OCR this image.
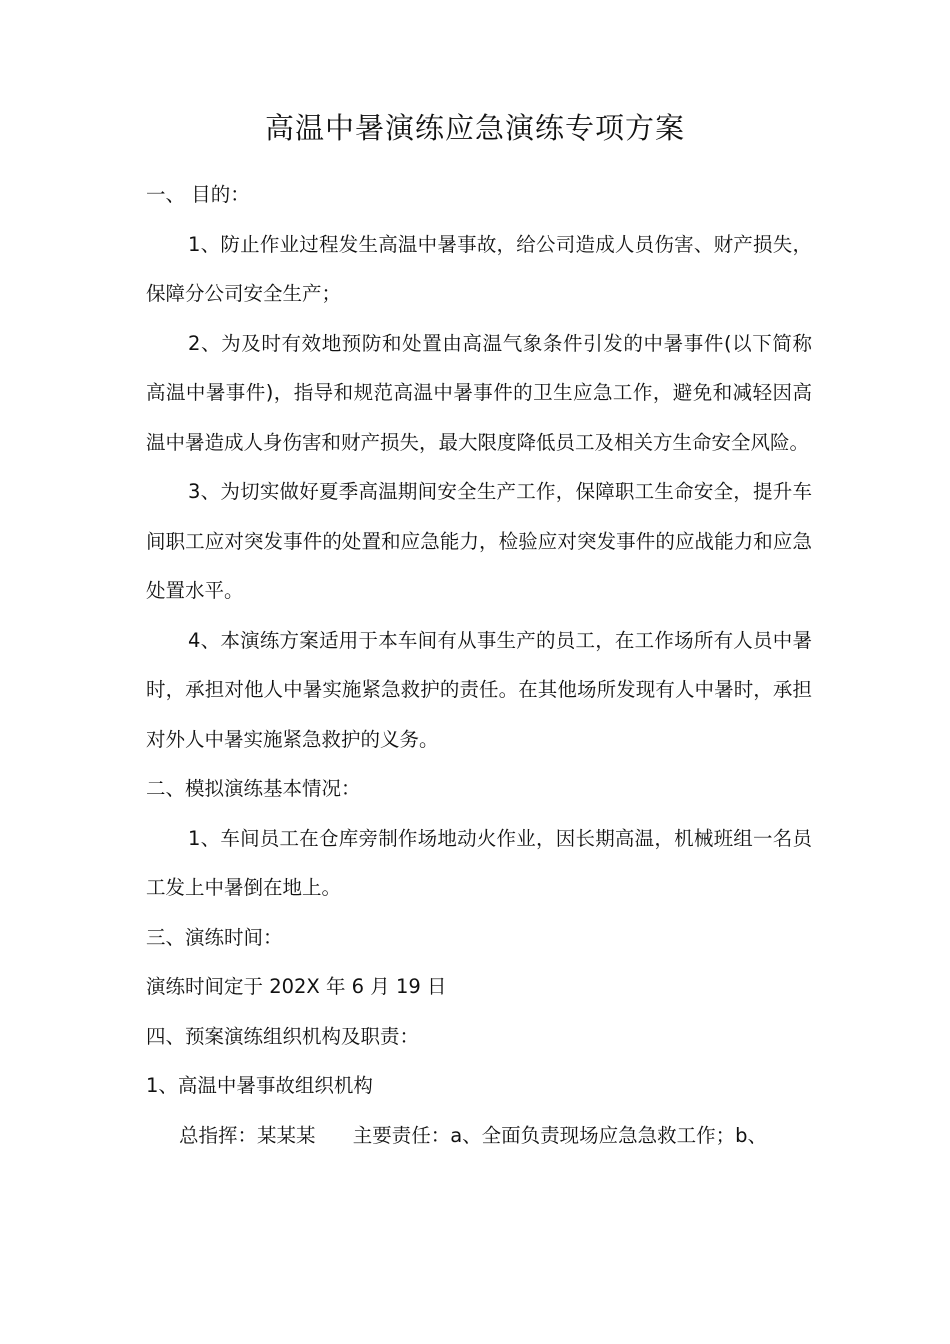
高温中暑演练应急演练专项方案

一、 目的：

1、防止作业过程发生高温中暑事故，给公司造成人员伤害、财产损失，保障分公司安全生产；

2、为及时有效地预防和处置由高温气象条件引发的中暑事件(以下简称高温中暑事件)，指导和规范高温中暑事件的卫生应急工作，避免和减轻因高温中暑造成人身伤害和财产损失，最大限度降低员工及相关方生命安全风险。

3、为切实做好夏季高温期间安全生产工作，保障职工生命安全，提升车间职工应对突发事件的处置和应急能力，检验应对突发事件的应战能力和应急处置水平。

4、本演练方案适用于本车间有从事生产的员工，在工作场所有人员中暑时，承担对他人中暑实施紧急救护的责任。在其他场所发现有人中暑时，承担对外人中暑实施紧急救护的义务。

二、模拟演练基本情况：

1、车间员工在仓库旁制作场地动火作业，因长期高温，机械班组一名员工发上中暑倒在地上。

三、演练时间：

演练时间定于 202X 年 6 月 19 日

四、预案演练组织机构及职责：

1、高温中暑事故组织机构

总指挥：某某某      主要责任：a、全面负责现场应急急救工作；b、
